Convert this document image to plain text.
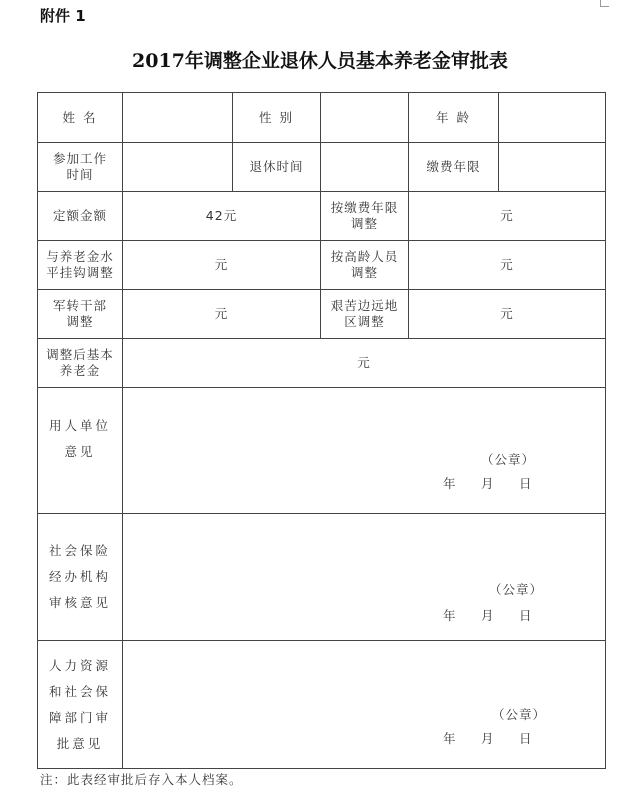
附件 1
2017年调整企业退休人员基本养老金审批表
姓 名		性 别		年 龄	

参加工作时间		退休时间		缴费年限	
定额金额	42元		按缴费年限调整	元	

与养老金水平挂钩调整	元		按高龄人员调整	元	

军转干部调整	元		艰苦边远地区调整	元	

调整后基本养老金	元				

用人单位意见	（公章）
年 月 日				

社会保险经办机构审核意见	（公章）
年 月 日				

人力资源和社会保障部门审批意见	（公章）
年 月 日				
注：此表经审批后存入本人档案。
